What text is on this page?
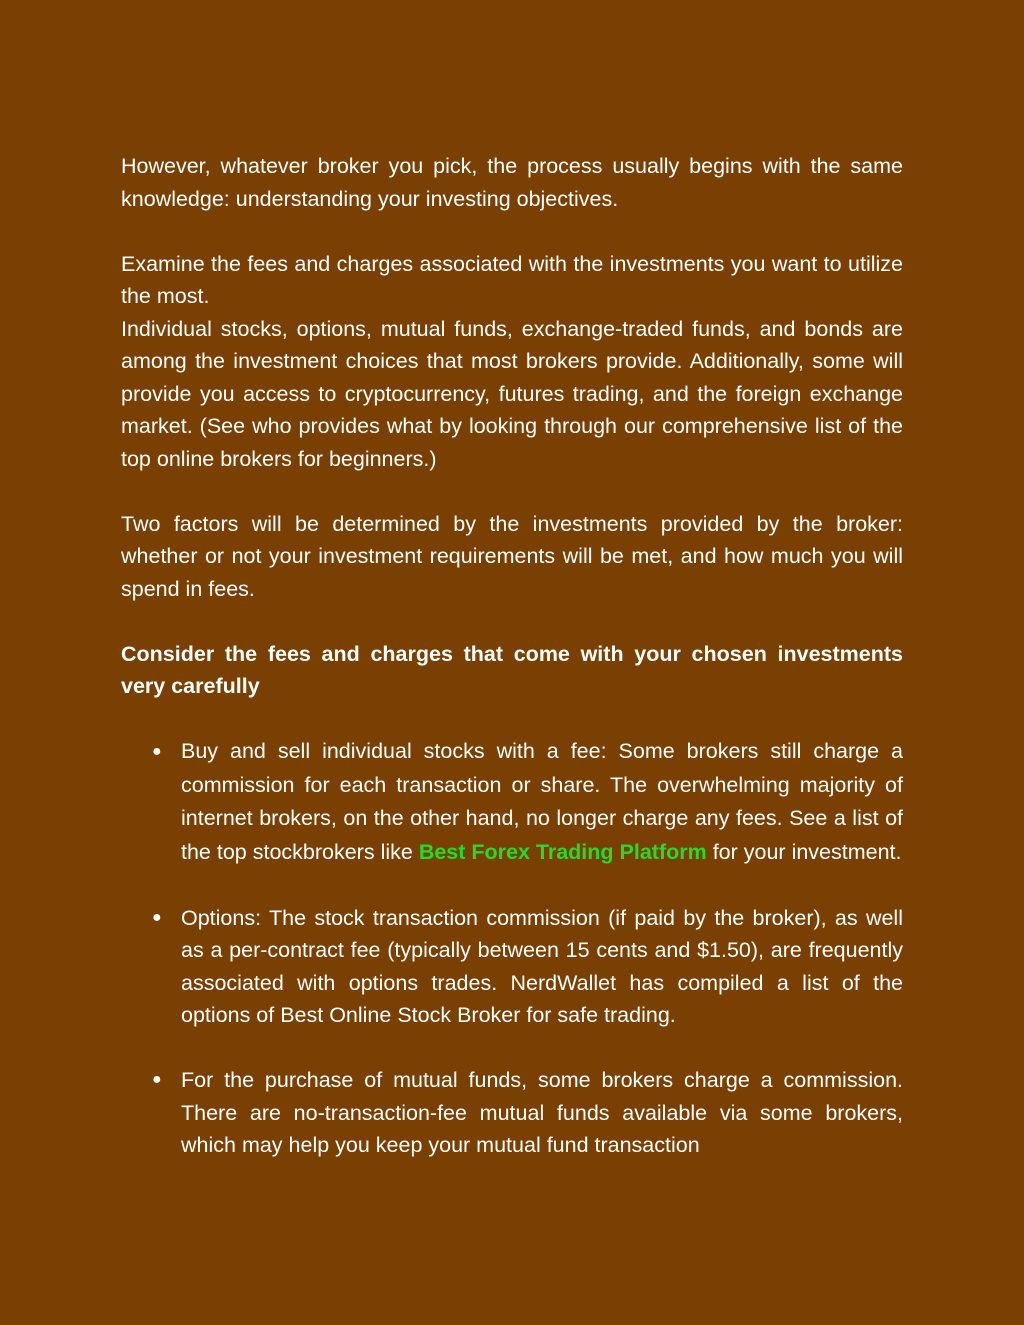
However, whatever broker you pick, the process usually begins with the same knowledge: understanding your investing objectives.

Examine the fees and charges associated with the investments you want to utilize the most.

Individual stocks, options, mutual funds, exchange-traded funds, and bonds are among the investment choices that most brokers provide. Additionally, some will provide you access to cryptocurrency, futures trading, and the foreign exchange market. (See who provides what by looking through our comprehensive list of the top online brokers for beginners.)

Two factors will be determined by the investments provided by the broker: whether or not your investment requirements will be met, and how much you will spend in fees.

Consider the fees and charges that come with your chosen investments very carefully

● Buy and sell individual stocks with a fee: Some brokers still charge a commission for each transaction or share. The overwhelming majority of internet brokers, on the other hand, no longer charge any fees. See a list of the top stockbrokers like Best Forex Trading Platform for your investment.
● Options: The stock transaction commission (if paid by the broker), as well as a per-contract fee (typically between 15 cents and $1.50), are frequently associated with options trades. NerdWallet has compiled a list of the options of Best Online Stock Broker for safe trading.
● For the purchase of mutual funds, some brokers charge a commission. There are no-transaction-fee mutual funds available via some brokers, which may help you keep your mutual fund transaction
